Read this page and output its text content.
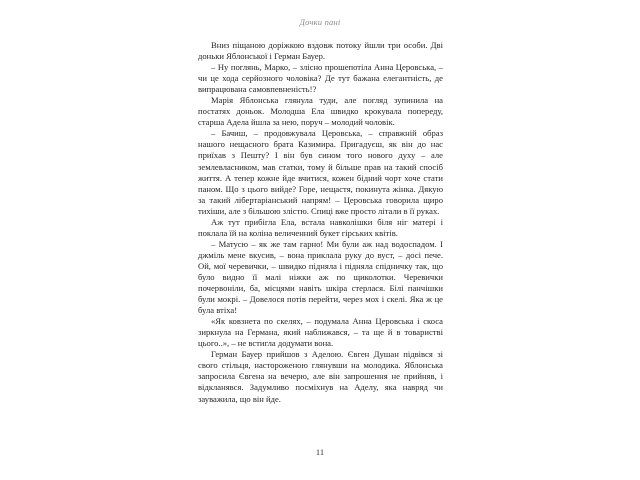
Дочки пані

Вниз піщаною доріжкою вздовж потоку йшли три особи. Дві доньки Яблонської і Герман Бауер.

– Ну поглянь, Марко, – злісно прошепотіла Анна Церовська, – чи це хода серйозного чоловіка? Де тут бажана елегантність, де випрацювана самовпевненість!?

Марія Яблонська глянула туди, але погляд зупинила на постатях доньок. Молодша Ела швидко крокувала попереду, старша Адела йшла за нею, поруч – молодий чоловік.

– Бачиш, – продовжувала Церовська, – справжній образ нашого нещасного брата Казимира. Пригадуєш, як він до нас приїхав з Пешту? І він був сином того нового духу – але землевласником, мав статки, тому й більше прав на такий спосіб життя. А тепер кожне йде вчитися, кожен бідний чорт хоче стати паном. Що з цього вийде? Горе, нещастя, покинута жінка. Дякую за такий лібертаріанський напрям! – Церовська говорила щиро тихіши, але з більшою злістю. Спиці вже просто літали в її руках.

Аж тут прибігла Ела, встала навколішки біля ніг матері і поклала їй на коліна величенний букет гірських квітів.

– Матусю – як же там гарно! Ми були аж над водоспадом. І джміль мене вкусив, – вона приклала руку до вуст, – досі пече. Ой, мої черевички, – швидко підняла і підняла спідничку так, що було видно її малі ніжки аж по щиколотки. Черевички почервоніли, ба, місцями навіть шкіра стерлася. Білі панчішки були мокрі. – Довелося потів перейти, через мох і скелі. Яка ж це була втіха!

«Як ковзнета по скелях, – подумала Анна Церовська і скоса зиркнула на Германа, який наближався, – та ще й в товаристві цього..», – не встигла додумати вона.

Герман Бауер прийшов з Аделою. Євген Душан підвівся зі свого стільця, настороженою глянувши на молодика. Яблонська запросила Євгена на вечерю, але він запрошення не прийняв, і відкланявся. Задумливо посміхнув на Аделу, яка навряд чи зауважила, що він йде.

11
